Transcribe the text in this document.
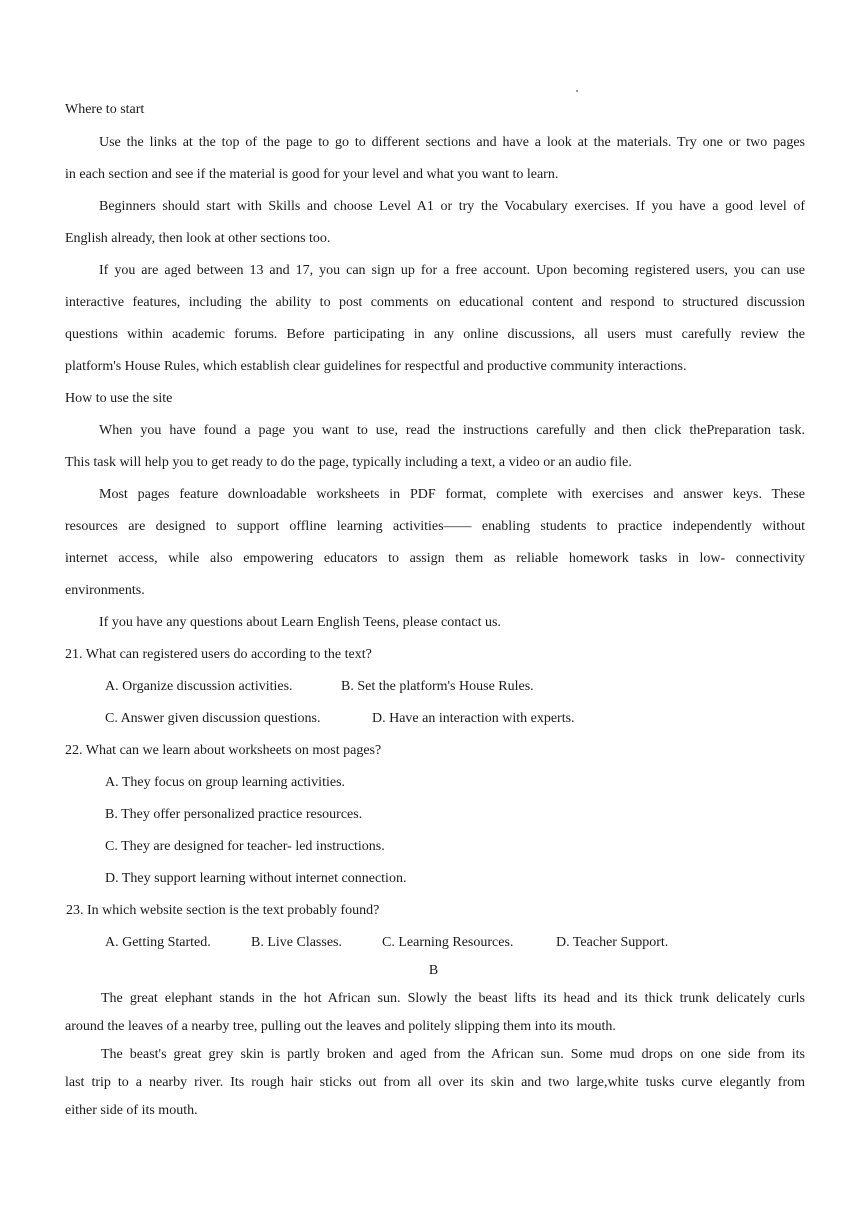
Where to start
Use the links at the top of the page to go to different sections and have a look at the materials. Try one or two pages
in each section and see if the material is good for your level and what you want to learn.
Beginners should start with Skills and choose Level A1 or try the Vocabulary exercises. If you have a good level of
English already, then look at other sections too.
If you are aged between 13 and 17, you can sign up for a free account. Upon becoming registered users, you can use
interactive features, including the ability to post comments on educational content and respond to structured discussion
questions within academic forums. Before participating in any online discussions, all users must carefully review the
platform's House Rules, which establish clear guidelines for respectful and productive community interactions.
How to use the site
When you have found a page you want to use, read the instructions carefully and then click thePreparation task.
This task will help you to get ready to do the page, typically including a text, a video or an audio file.
Most pages feature downloadable worksheets in PDF format, complete with exercises and answer keys. These
resources are designed to support offline learning activities—— enabling students to practice independently without
internet access, while also empowering educators to assign them as reliable homework tasks in low- connectivity
environments.
If you have any questions about Learn English Teens, please contact us.
21. What can registered users do according to the text?
A. Organize discussion activities.	B. Set the platform's House Rules.
C. Answer given discussion questions.	D. Have an interaction with experts.
22. What can we learn about worksheets on most pages?
A. They focus on group learning activities.
B. They offer personalized practice resources.
C. They are designed for teacher- led instructions.
D. They support learning without internet connection.
23. In which website section is the text probably found?
A. Getting Started.	B. Live Classes.	C. Learning Resources.	D. Teacher Support.
B
The great elephant stands in the hot African sun. Slowly the beast lifts its head and its thick trunk delicately curls
around the leaves of a nearby tree, pulling out the leaves and politely slipping them into its mouth.
The beast's great grey skin is partly broken and aged from the African sun. Some mud drops on one side from its
last trip to a nearby river. Its rough hair sticks out from all over its skin and two large,white tusks curve elegantly from
either side of its mouth.
